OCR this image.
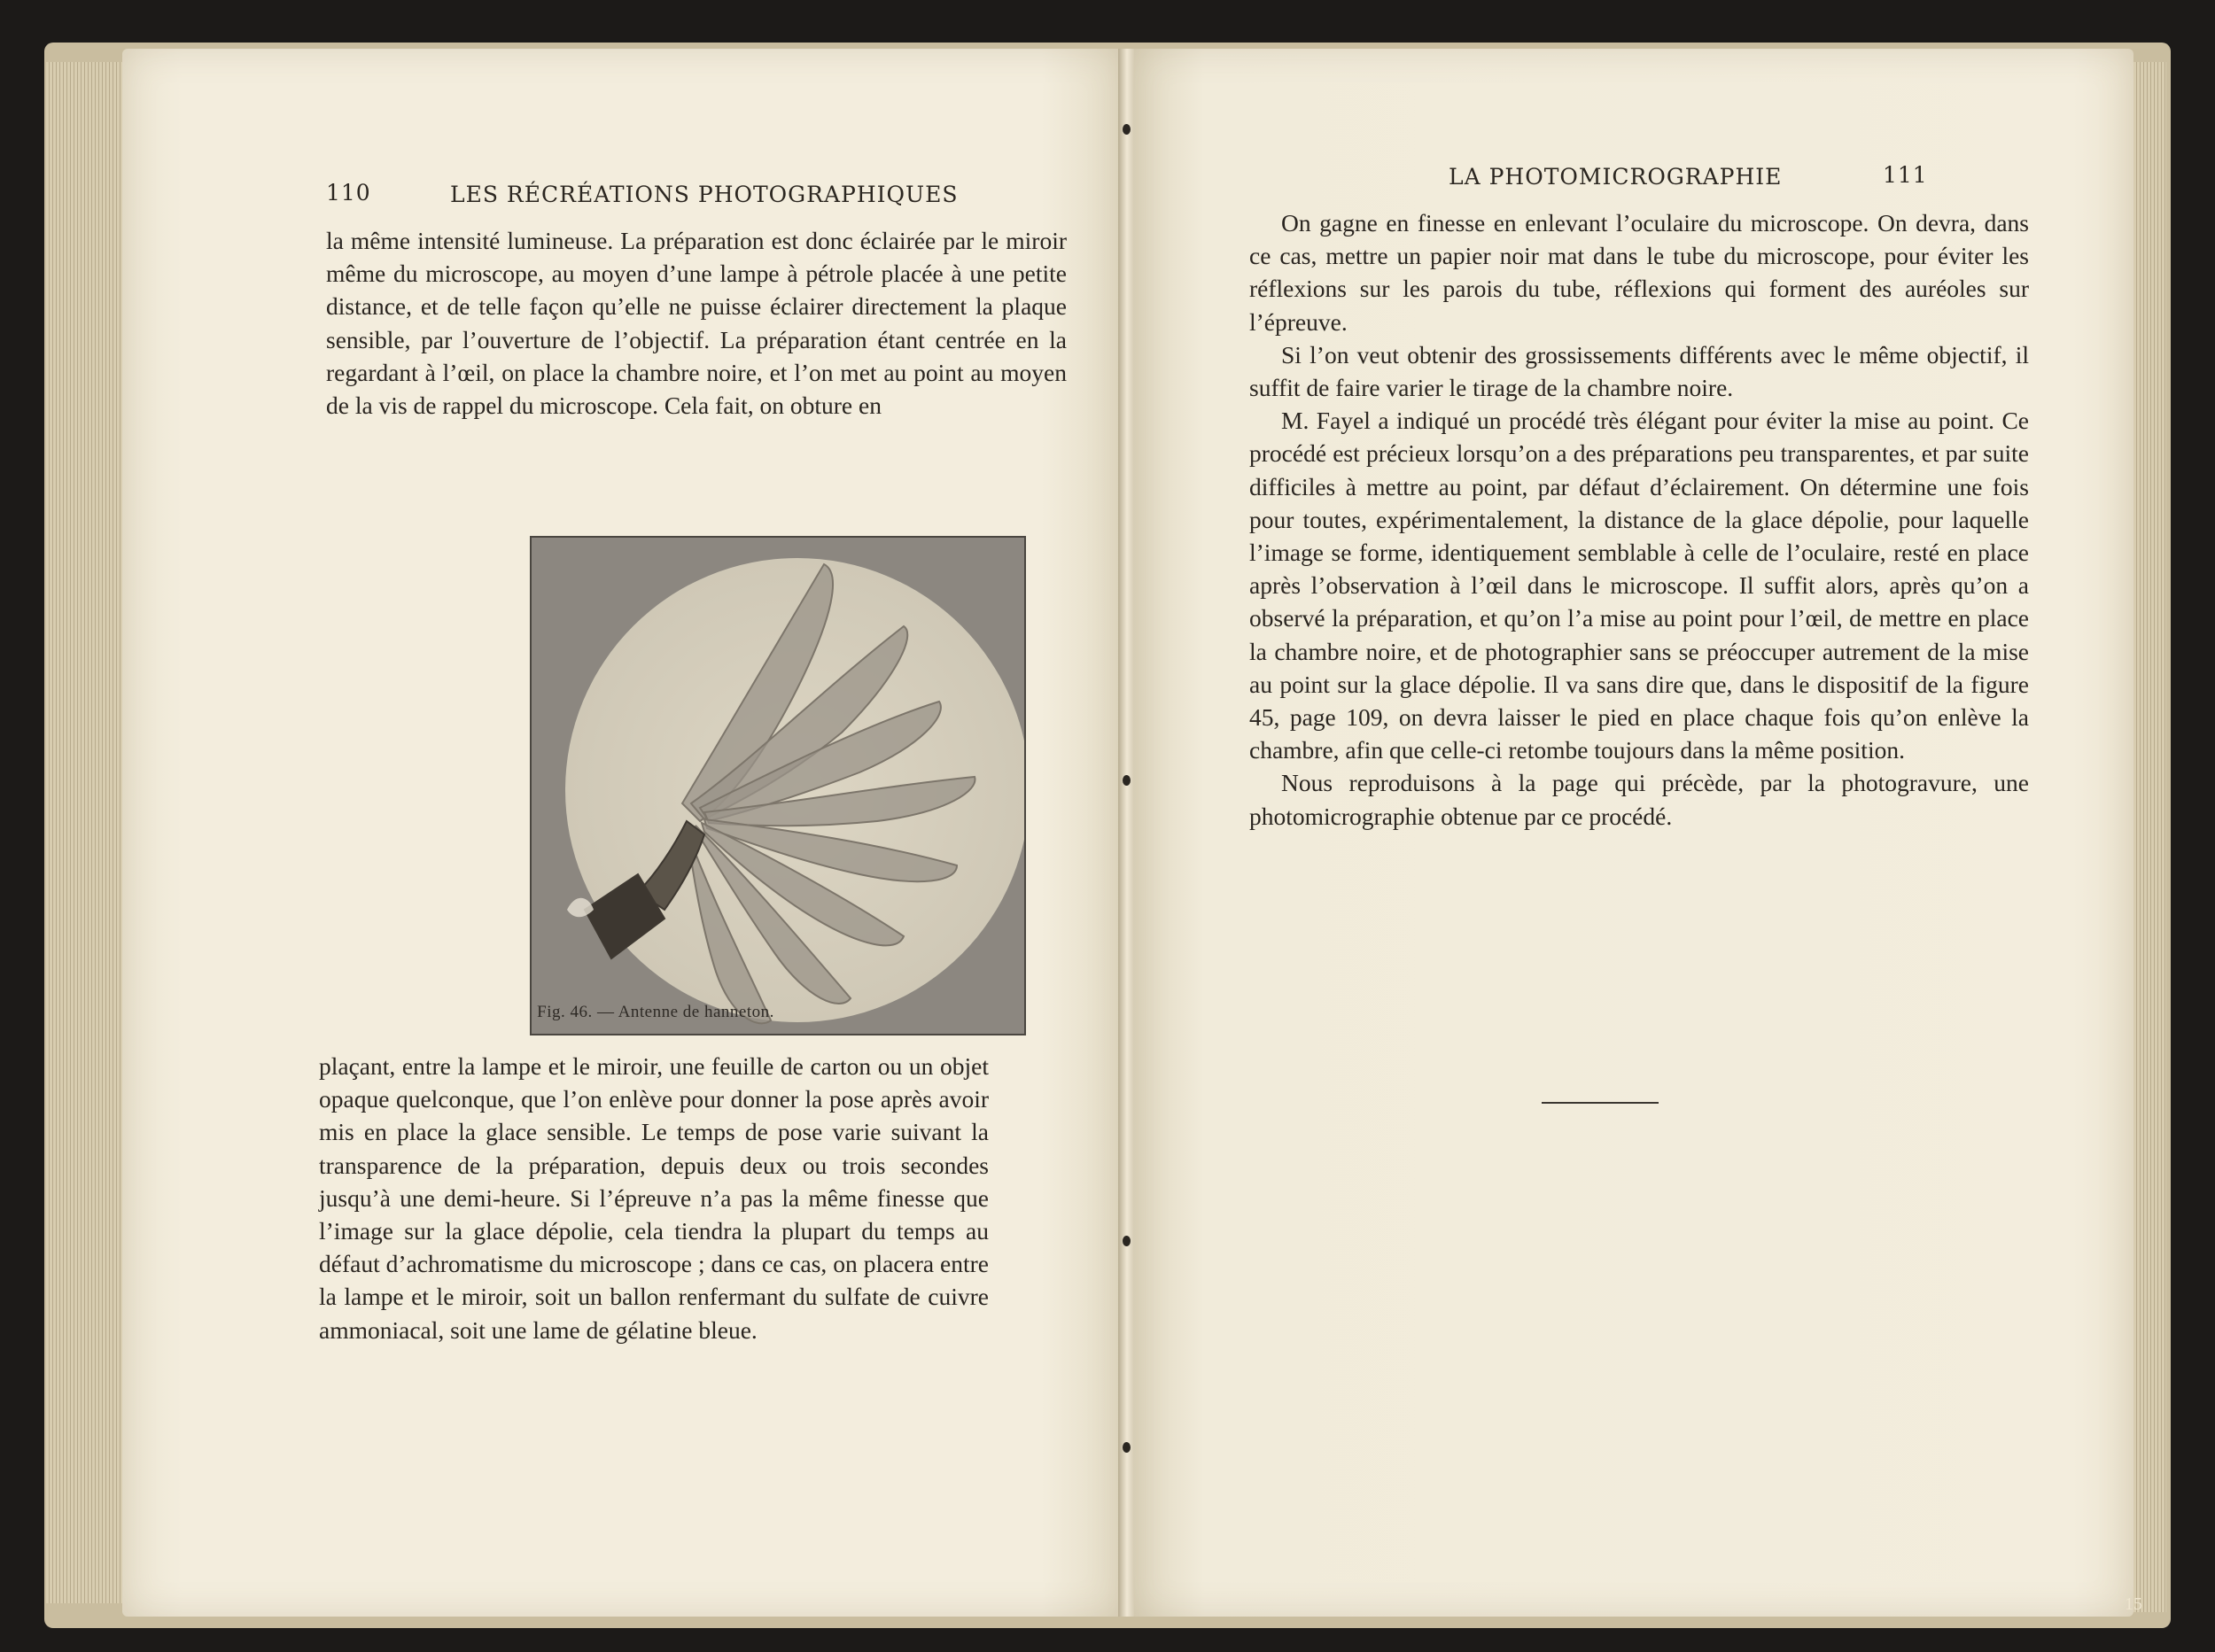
110	LES RÉCRÉATIONS PHOTOGRAPHIQUES

la même intensité lumineuse. La préparation est donc éclairée par le miroir même du microscope, au moyen d’une lampe à pétrole placée à une petite distance, et de telle façon qu’elle ne puisse éclairer directement la plaque sensible, par l’ouverture de l’objectif. La préparation étant centrée en la regardant à l’œil, on place la chambre noire, et l’on met au point au moyen de la vis de rappel du microscope. Cela fait, on obture en

Fig. 46. — Antenne de hanneton.

plaçant, entre la lampe et le miroir, une feuille de carton ou un objet opaque quelconque, que l’on enlève pour donner la pose après avoir mis en place la glace sensible. Le temps de pose varie suivant la transparence de la préparation, depuis deux ou trois secondes jusqu’à une demi-heure. Si l’épreuve n’a pas la même finesse que l’image sur la glace dépolie, cela tiendra la plupart du temps au défaut d’achromatisme du microscope ; dans ce cas, on placera entre la lampe et le miroir, soit un ballon renfermant du sulfate de cuivre ammoniacal, soit une lame de gélatine bleue.

LA PHOTOMICROGRAPHIE	111

On gagne en finesse en enlevant l’oculaire du microscope. On devra, dans ce cas, mettre un papier noir mat dans le tube du microscope, pour éviter les réflexions sur les parois du tube, réflexions qui forment des auréoles sur l’épreuve.

Si l’on veut obtenir des grossissements différents avec le même objectif, il suffit de faire varier le tirage de la chambre noire.

M. Fayel a indiqué un procédé très élégant pour éviter la mise au point. Ce procédé est précieux lorsqu’on a des préparations peu transparentes, et par suite difficiles à mettre au point, par défaut d’éclairement. On détermine une fois pour toutes, expérimentalement, la distance de la glace dépolie, pour laquelle l’image se forme, identiquement semblable à celle de l’oculaire, resté en place après l’observation à l’œil dans le microscope. Il suffit alors, après qu’on a observé la préparation, et qu’on l’a mise au point pour l’œil, de mettre en place la chambre noire, et de photographier sans se préoccuper autrement de la mise au point sur la glace dépolie. Il va sans dire que, dans le dispositif de la figure 45, page 109, on devra laisser le pied en place chaque fois qu’on enlève la chambre, afin que celle-ci retombe toujours dans la même position.

Nous reproduisons à la page qui précède, par la photogravure, une photomicrographie obtenue par ce procédé.

15
